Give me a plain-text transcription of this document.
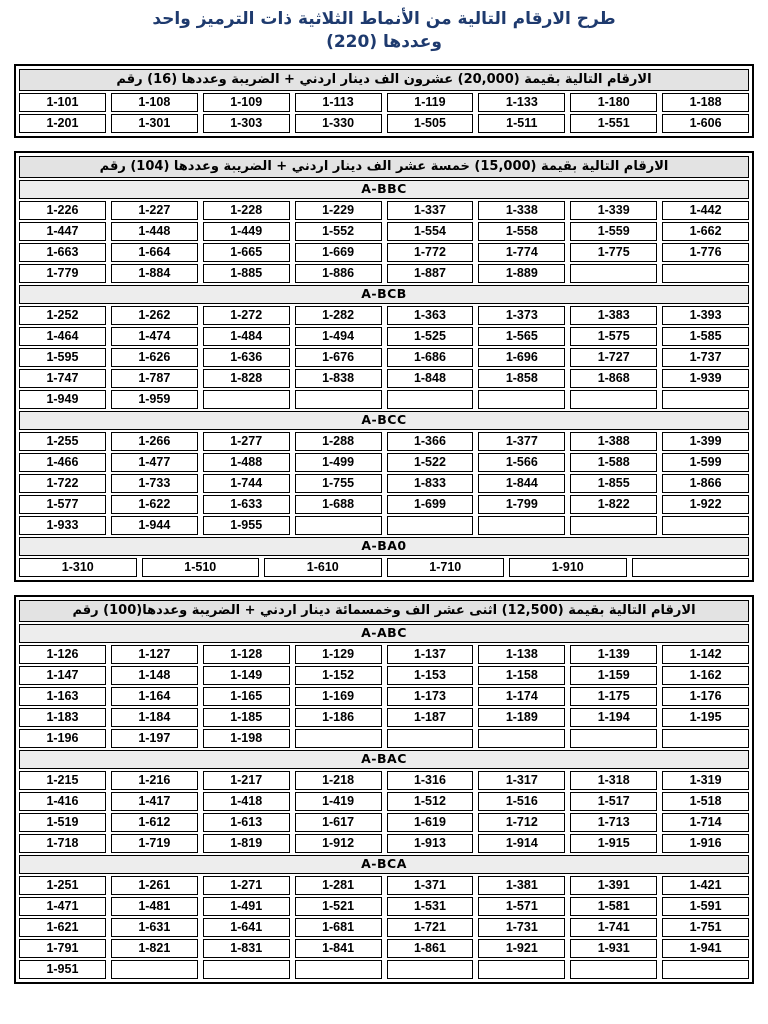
طرح الارقام التالية من الأنماط الثلاثية ذات الترميز واحد
وعددها (220)
الارقام التالية بقيمة (20,000) عشرون الف دينار اردني + الضريبة وعددها (16) رقم
1-101	1-108	1-109	1-113	1-119	1-133	1-180	1-188
1-201	1-301	1-303	1-330	1-505	1-511	1-551	1-606
الارقام التالية بقيمة (15,000) خمسة عشر الف دينار اردني + الضريبة وعددها (104) رقم
A-BBC
1-226	1-227	1-228	1-229	1-337	1-338	1-339	1-442
1-447	1-448	1-449	1-552	1-554	1-558	1-559	1-662
1-663	1-664	1-665	1-669	1-772	1-774	1-775	1-776
1-779	1-884	1-885	1-886	1-887	1-889
A-BCB
1-252	1-262	1-272	1-282	1-363	1-373	1-383	1-393
1-464	1-474	1-484	1-494	1-525	1-565	1-575	1-585
1-595	1-626	1-636	1-676	1-686	1-696	1-727	1-737
1-747	1-787	1-828	1-838	1-848	1-858	1-868	1-939
1-949	1-959
A-BCC
1-255	1-266	1-277	1-288	1-366	1-377	1-388	1-399
1-466	1-477	1-488	1-499	1-522	1-566	1-588	1-599
1-722	1-733	1-744	1-755	1-833	1-844	1-855	1-866
1-577	1-622	1-633	1-688	1-699	1-799	1-822	1-922
1-933	1-944	1-955
A-BA0
1-310	1-510	1-610	1-710	1-910
الارقام التالية بقيمة (12,500) اثنى عشر الف وخمسمائة دينار اردني + الضريبة وعددها(100) رقم
A-ABC
1-126	1-127	1-128	1-129	1-137	1-138	1-139	1-142
1-147	1-148	1-149	1-152	1-153	1-158	1-159	1-162
1-163	1-164	1-165	1-169	1-173	1-174	1-175	1-176
1-183	1-184	1-185	1-186	1-187	1-189	1-194	1-195
1-196	1-197	1-198
A-BAC
1-215	1-216	1-217	1-218	1-316	1-317	1-318	1-319
1-416	1-417	1-418	1-419	1-512	1-516	1-517	1-518
1-519	1-612	1-613	1-617	1-619	1-712	1-713	1-714
1-718	1-719	1-819	1-912	1-913	1-914	1-915	1-916
A-BCA
1-251	1-261	1-271	1-281	1-371	1-381	1-391	1-421
1-471	1-481	1-491	1-521	1-531	1-571	1-581	1-591
1-621	1-631	1-641	1-681	1-721	1-731	1-741	1-751
1-791	1-821	1-831	1-841	1-861	1-921	1-931	1-941
1-951
